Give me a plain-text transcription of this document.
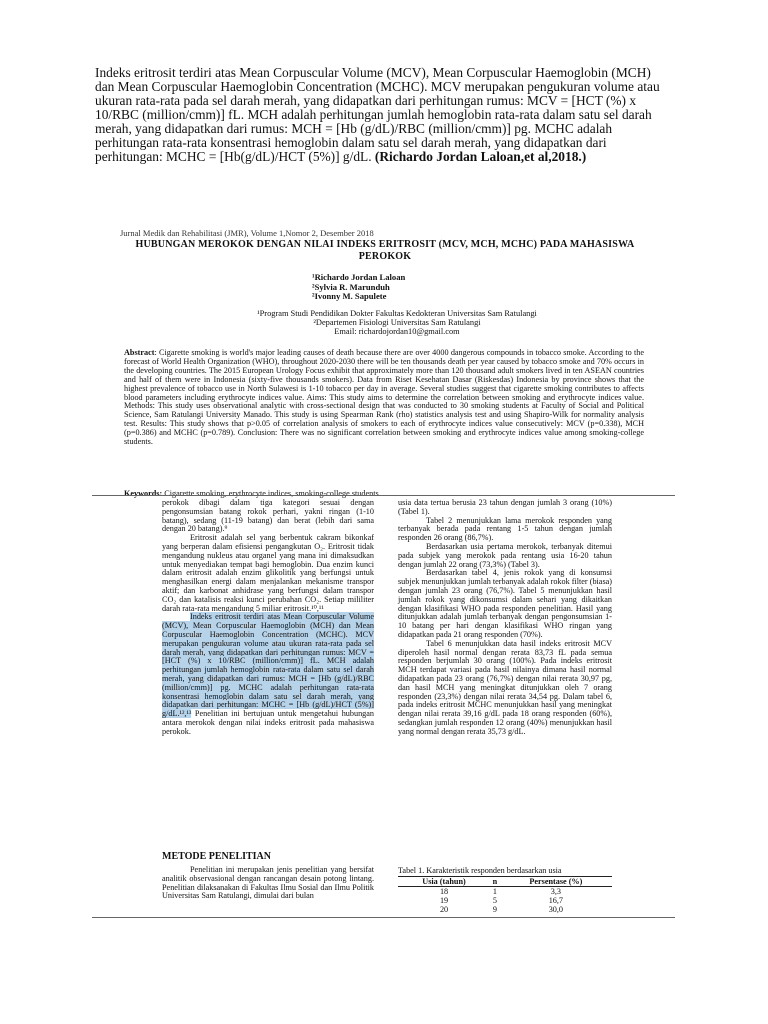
Indeks eritrosit terdiri atas Mean Corpuscular Volume (MCV), Mean Corpuscular Haemoglobin (MCH) dan Mean Corpuscular Haemoglobin Concentration (MCHC). MCV merupakan pengukuran volume atau ukuran rata-rata pada sel darah merah, yang didapatkan dari perhitungan rumus: MCV = [HCT (%) x 10/RBC (million/cmm)] fL. MCH adalah perhitungan jumlah hemoglobin rata-rata dalam satu sel darah merah, yang didapatkan dari rumus: MCH = [Hb (g/dL)/RBC (million/cmm)] pg. MCHC adalah perhitungan rata-rata konsentrasi hemoglobin dalam satu sel darah merah, yang didapatkan dari perhitungan: MCHC = [Hb(g/dL)/HCT (5%)] g/dL. (Richardo Jordan Laloan,et al,2018.)
Jurnal Medik dan Rehabilitasi (JMR), Volume 1,Nomor 2, Desember 2018
HUBUNGAN MEROKOK DENGAN NILAI INDEKS ERITROSIT (MCV, MCH, MCHC) PADA MAHASISWA PEROKOK
¹Richardo Jordan Laloan
²Sylvia R. Marunduh
²Ivonny M. Sapulete
¹Program Studi Pendidikan Dokter Fakultas Kedokteran Universitas Sam Ratulangi
²Departemen Fisiologi Universitas Sam Ratulangi
Email: richardojordan10@gmail.com
Abstract: Cigarette smoking is world's major leading causes of death because there are over 4000 dangerous compounds in tobacco smoke. According to the forecast of World Health Organization (WHO), throughout 2020-2030 there will be ten thousands death per year caused by tobacco smoke and 70% occurs in the developing countries. The 2015 European Urology Focus exhibit that approximately more than 120 thousand adult smokers lived in ten ASEAN countries and half of them were in Indonesia (sixty-five thousands smokers). Data from Riset Kesehatan Dasar (Riskesdas) Indonesia by province shows that the highest prevalence of tobacco use in North Sulawesi is 1-10 tobacco per day in average. Several studies suggest that cigarette smoking contributes to affects blood parameters including erythrocyte indices value. Aims: This study aims to determine the correlation between smoking and erythrocyte indices value. Methods: This study uses observational analytic with cross-sectional design that was conducted to 30 smoking students at Faculty of Social and Political Science, Sam Ratulangi University Manado. This study is using Spearman Rank (rho) statistics analysis test and using Shapiro-Wilk for normality analysis test. Results: This study shows that p>0.05 of correlation analysis of smokers to each of erythrocyte indices value consecutively: MCV (p=0.338), MCH (p=0.386) and MCHC (p=0.789). Conclusion: There was no significant correlation between smoking and erythrocyte indices value among smoking-college students.
Keywords: Cigarette smoking, erythrocyte indices, smoking-college students

perokok dibagi dalam tiga kategori sesuai dengan pengonsumsian batang rokok perhari, yakni ringan (1-10 batang), sedang (11-19 batang) dan berat (lebih dari sama dengan 20 batang).⁹

Eritrosit adalah sel yang berbentuk cakram bikonkaf yang berperan dalam efisiensi pengangkutan O₂. Eritrosit tidak mengandung nukleus atau organel yang mana ini dimaksudkan untuk menyediakan tempat bagi hemoglobin. Dua enzim kunci dalam eritrosit adalah enzim glikolitik yang berfungsi untuk menghasilkan energi dalam menjalankan mekanisme transpor aktif; dan karbonat anhidrase yang berfungsi dalam transpor CO₂ dan katalisis reaksi kunci perubahan CO₂. Setiap mililiter darah rata-rata mengandung 5 miliar eritrosit.¹⁰,¹¹

Indeks eritrosit terdiri atas Mean Corpuscular Volume (MCV), Mean Corpuscular Haemoglobin (MCH) dan Mean Corpuscular Haemoglobin Concentration (MCHC). MCV merupakan pengukuran volume atau ukuran rata-rata pada sel darah merah, yang didapatkan dari perhitungan rumus: MCV = [HCT (%) x 10/RBC (million/cmm)] fL. MCH adalah perhitungan jumlah hemoglobin rata-rata dalam satu sel darah merah, yang didapatkan dari rumus: MCH = [Hb (g/dL)/RBC (million/cmm)] pg. MCHC adalah perhitungan rata-rata konsentrasi hemoglobin dalam satu sel darah merah, yang didapatkan dari perhitungan: MCHC = [Hb (g/dL)/HCT (5%)] g/dL.¹²,¹³ Penelitian ini bertujuan untuk mengetahui hubungan antara merokok dengan nilai indeks eritrosit pada mahasiswa perokok.

METODE PENELITIAN
Penelitian ini merupakan jenis penelitian yang bersifat analitik observasional dengan rancangan desain potong lintang. Penelitian dilaksanakan di Fakultas Ilmu Sosial dan Ilmu Politik Universitas Sam Ratulangi, dimulai dari bulan

usia data tertua berusia 23 tahun dengan jumlah 3 orang (10%) (Tabel 1).

Tabel 2 menunjukkan lama merokok responden yang terbanyak berada pada rentang 1-5 tahun dengan jumlah responden 26 orang (86,7%).

Berdasarkan usia pertama merokok, terbanyak ditemui pada subjek yang merokok pada rentang usia 16-20 tahun dengan jumlah 22 orang (73,3%) (Tabel 3).

Berdasarkan tabel 4, jenis rokok yang di konsumsi subjek menunjukkan jumlah terbanyak adalah rokok filter (biasa) dengan jumlah 23 orang (76,7%). Tabel 5 menunjukkan hasil jumlah rokok yang dikonsumsi dalam sehari yang dikaitkan dengan klasifikasi WHO pada responden penelitian. Hasil yang ditunjukkan adalah jumlah terbanyak dengan pengonsumsian 1-10 batang per hari dengan klasifikasi WHO ringan yang didapatkan pada 21 orang responden (70%).

Tabel 6 menunjukkan data hasil indeks eritrosit MCV diperoleh hasil normal dengan rerata 83,73 fL pada semua responden berjumlah 30 orang (100%). Pada indeks eritrosit MCH terdapat variasi pada hasil nilainya dimana hasil normal didapatkan pada 23 orang (76,7%) dengan nilai rerata 30,97 pg, dan hasil MCH yang meningkat ditunjukkan oleh 7 orang responden (23,3%) dengan nilai rerata 34,54 pg. Dalam tabel 6, pada indeks eritrosit MCHC menunjukkan hasil yang meningkat dengan nilai rerata 39,16 g/dL pada 18 orang responden (60%), sedangkan jumlah responden 12 orang (40%) menunjukkan hasil yang normal dengan rerata 35,73 g/dL.

Tabel 1. Karakteristik responden berdasarkan usia
Usia (tahun)	n	Persentase (%)
18	1	3,3
19	5	16,7
20	9	30,0
